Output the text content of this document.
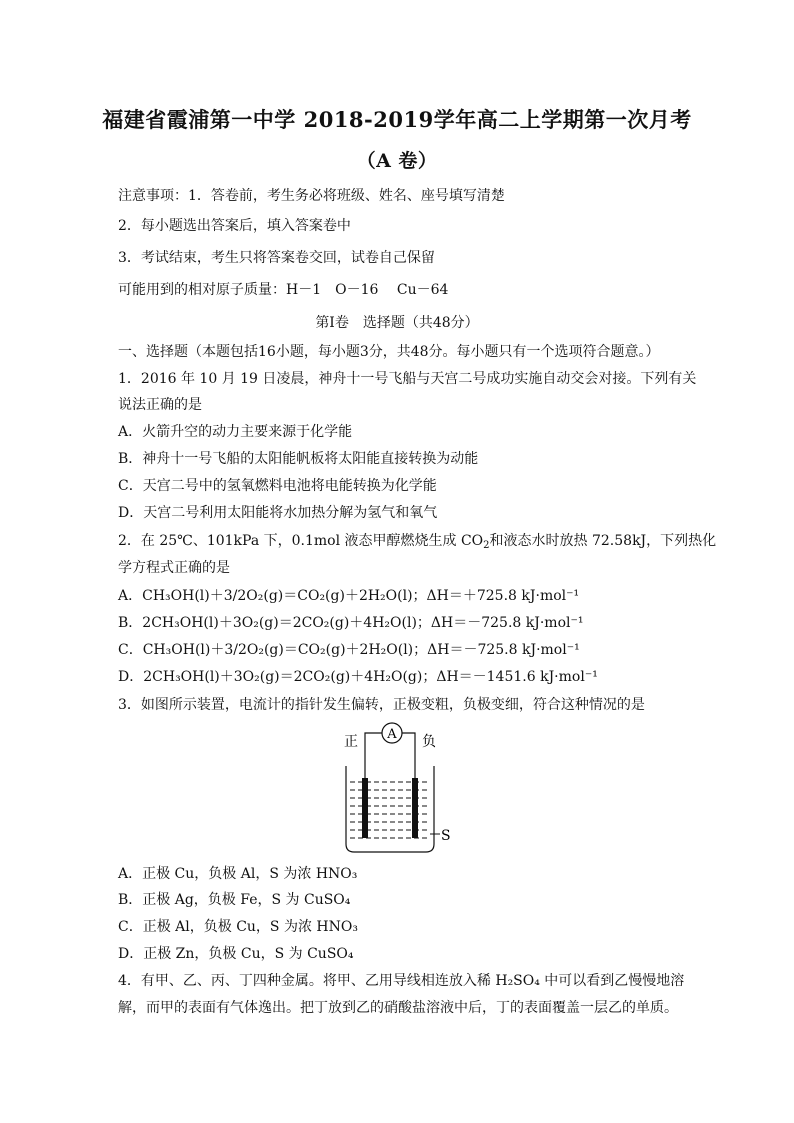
福建省霞浦第一中学 2018-2019学年高二上学期第一次月考
（A 卷）
注意事项：1．答卷前，考生务必将班级、姓名、座号填写清楚
2．每小题选出答案后，填入答案卷中
3．考试结束，考生只将答案卷交回，试卷自己保留
可能用到的相对原子质量：H－1　O－16　 Cu－64
第Ⅰ卷　选择题（共48分）
一、选择题（本题包括16小题，每小题3分，共48分。每小题只有一个选项符合题意。）
1．2016 年 10 月 19 日凌晨，神舟十一号飞船与天宫二号成功实施自动交会对接。下列有关
说法正确的是
A．火箭升空的动力主要来源于化学能
B．神舟十一号飞船的太阳能帆板将太阳能直接转换为动能
C．天宫二号中的氢氧燃料电池将电能转换为化学能
D．天宫二号利用太阳能将水加热分解为氢气和氧气
2．在 25℃、101kPa 下，0.1mol 液态甲醇燃烧生成 $CO_2$和液态水时放热 72.58kJ，下列热化
学方程式正确的是
A．CH₃OH(l)＋3/2O₂(g)＝CO₂(g)＋2H₂O(l)；ΔH＝＋725.8 kJ·mol⁻¹
B．2CH₃OH(l)＋3O₂(g)＝2CO₂(g)＋4H₂O(l)；ΔH＝－725.8 kJ·mol⁻¹
C．CH₃OH(l)＋3/2O₂(g)＝CO₂(g)＋2H₂O(l)；ΔH＝－725.8 kJ·mol⁻¹
D．2CH₃OH(l)＋3O₂(g)＝2CO₂(g)＋4H₂O(g)；ΔH＝－1451.6 kJ·mol⁻¹
3．如图所示装置，电流计的指针发生偏转，正极变粗，负极变细，符合这种情况的是
A
正	负
S
A．正极 Cu，负极 Al，S 为浓 HNO₃
B．正极 Ag，负极 Fe，S 为 CuSO₄
C．正极 Al，负极 Cu，S 为浓 HNO₃
D．正极 Zn，负极 Cu，S 为 CuSO₄
4．有甲、乙、丙、丁四种金属。将甲、乙用导线相连放入稀 H₂SO₄ 中可以看到乙慢慢地溶
解，而甲的表面有气体逸出。把丁放到乙的硝酸盐溶液中后，丁的表面覆盖一层乙的单质。
